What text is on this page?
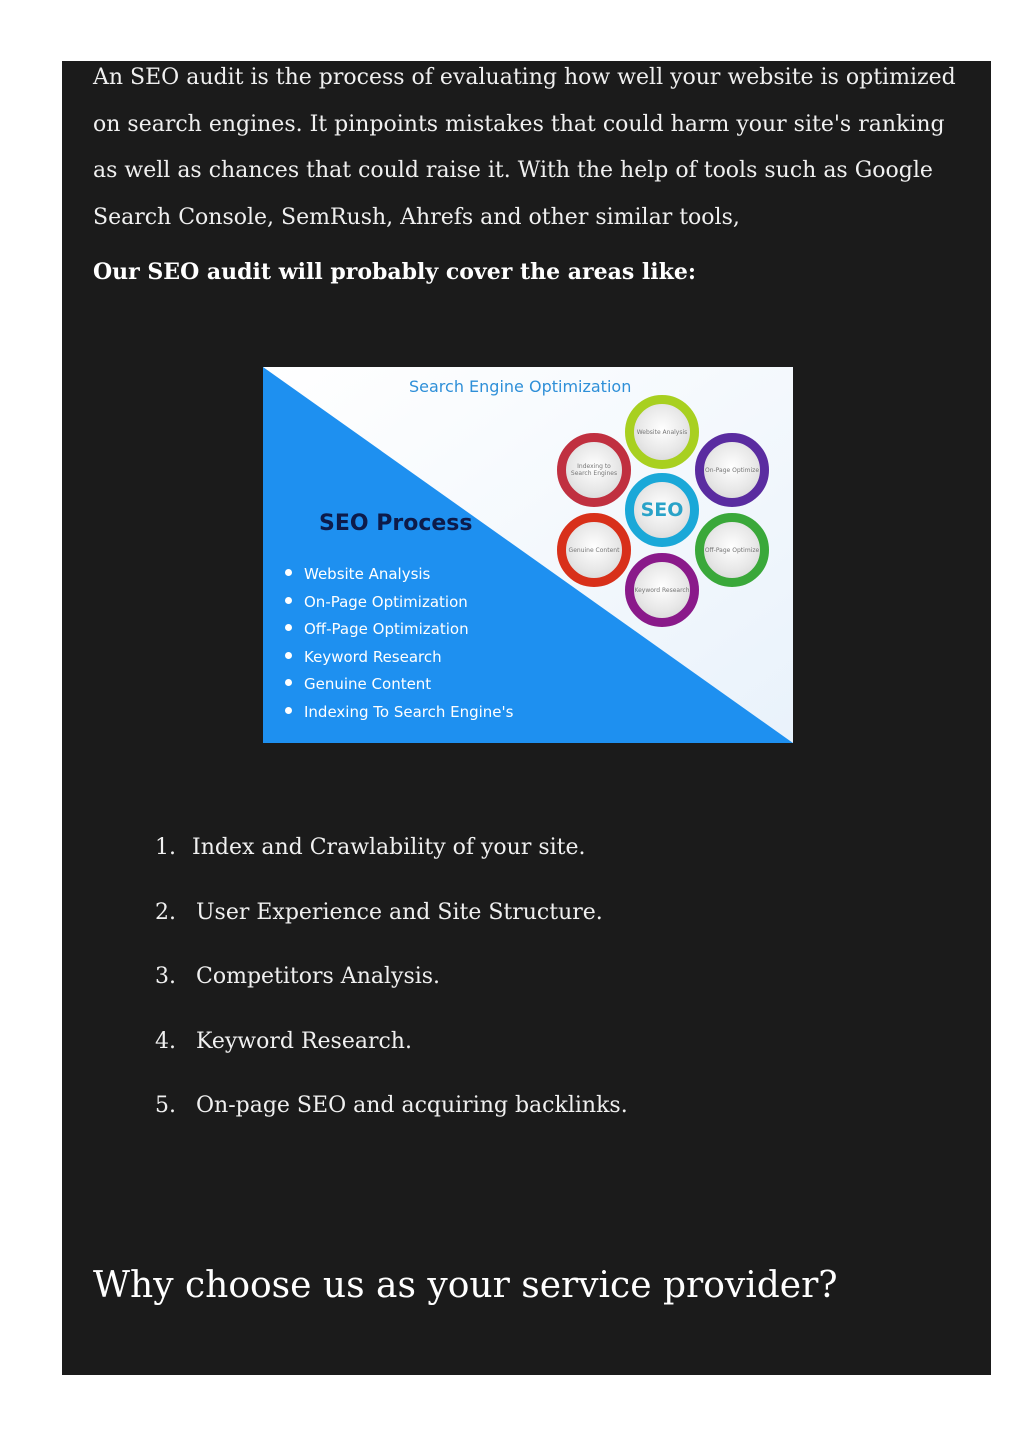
An SEO audit is the process of evaluating how well your website is optimized on search engines. It pinpoints mistakes that could harm your site's ranking as well as chances that could raise it. With the help of tools such as Google Search Console, SemRush, Ahrefs and other similar tools,

Our SEO audit will probably cover the areas like:

Search Engine Optimization
SEO Process
Website Analysis
On-Page Optimization
Off-Page Optimization
Keyword Research
Genuine Content
Indexing To Search Engine's
Website Analysis
On-Page Optimize
Off-Page Optimize
Keyword Research
Genuine Content
Indexing to Search Engines
SEO
1. Index and Crawlability of your site.
2. User Experience and Site Structure.
3. Competitors Analysis.
4. Keyword Research.
5. On-page SEO and acquiring backlinks.
Why choose us as your service provider?
